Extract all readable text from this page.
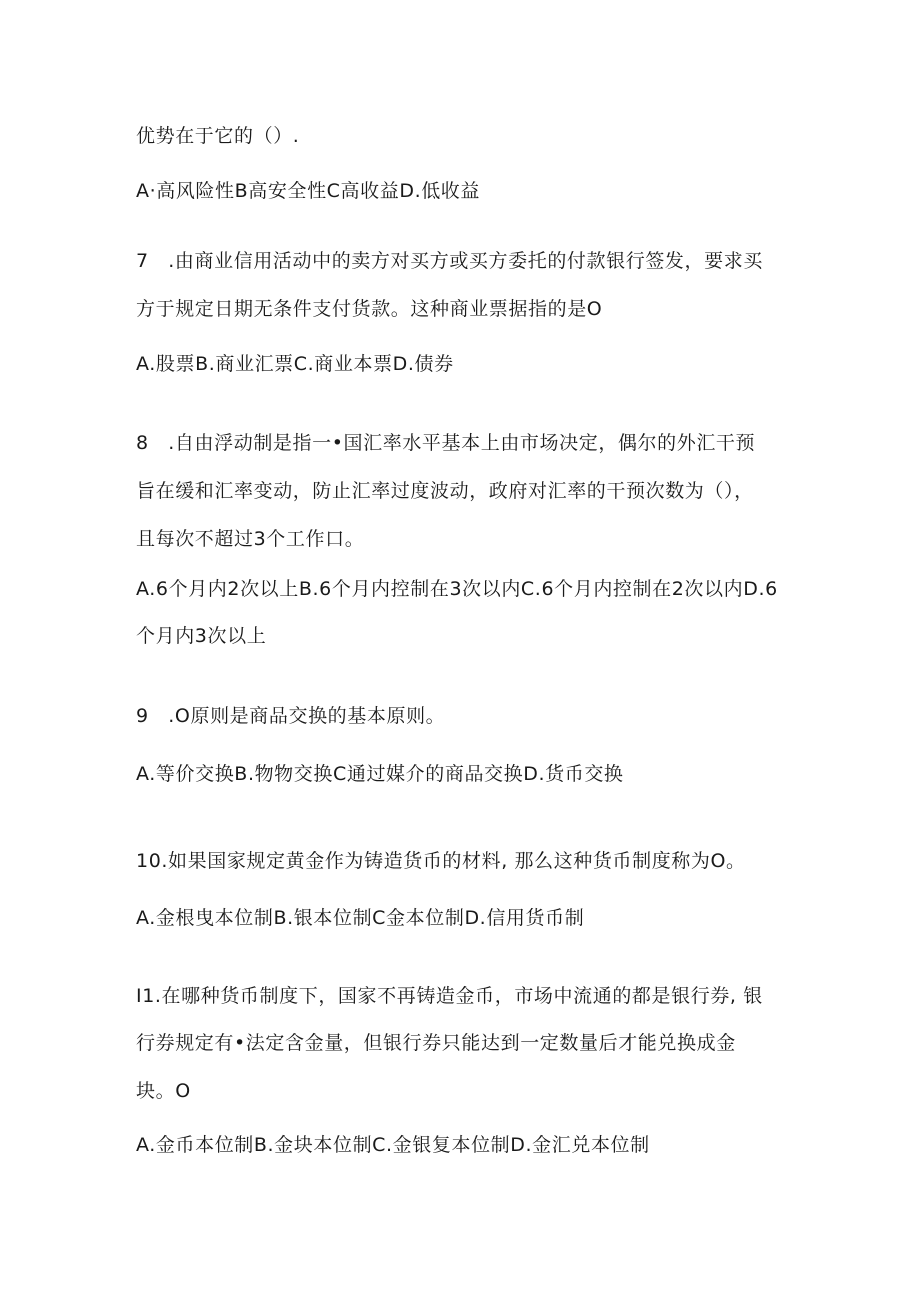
优势在于它的（）.
A·高风险性B高安全性C高收益D.低收益
7　.由商业信用活动中的卖方对买方或买方委托的付款银行签发，要求买
方于规定日期无条件支付货款。这种商业票据指的是O
A.股票B.商业汇票C.商业本票D.债券
8　.自由浮动制是指一•国汇率水平基本上由市场决定，偶尔的外汇干预
旨在缓和汇率变动，防止汇率过度波动，政府对汇率的干预次数为（），
且每次不超过3个工作口。
A.6个月内2次以上B.6个月内控制在3次以内C.6个月内控制在2次以内D.6
个月内3次以上
9　.O原则是商品交换的基本原则。
A.等价交换B.物物交换C通过媒介的商品交换D.货币交换
10.如果国家规定黄金作为铸造货币的材料, 那么这种货币制度称为O。
A.金根曳本位制B.银本位制C金本位制D.信用货币制
I1.在哪种货币制度下，国家不再铸造金币，市场中流通的都是银行券, 银
行券规定有•法定含金量，但银行券只能达到一定数量后才能兑换成金
块。O
A.金币本位制B.金块本位制C.金银复本位制D.金汇兑本位制
